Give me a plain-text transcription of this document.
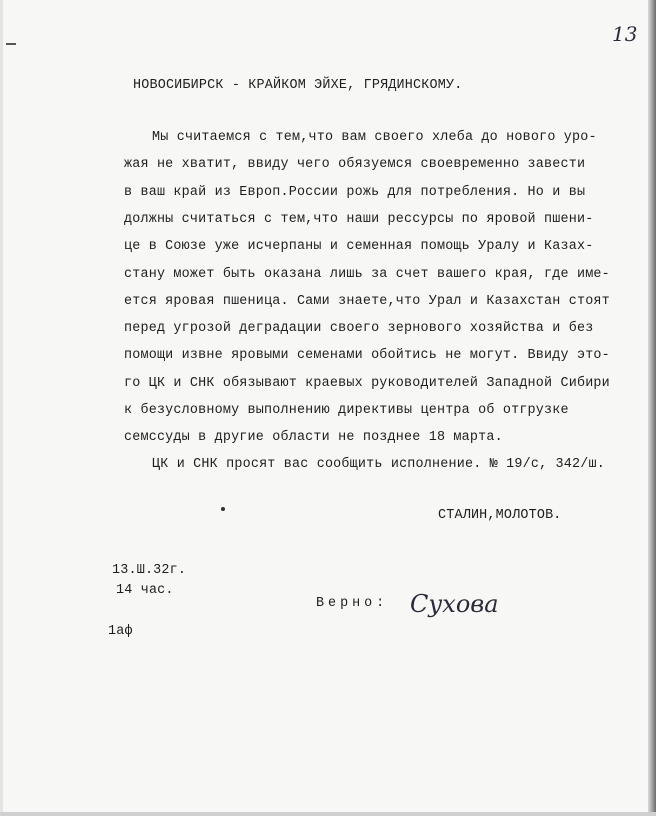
13
НОВОСИБИРСК - КРАЙКОМ ЭЙХЕ, ГРЯДИНСКОМУ.
Мы считаемся с тем,что вам своего хлеба до нового уро-
жая не хватит, ввиду чего обязуемся своевременно завести
в ваш край из Европ.России рожь для потребления. Но и вы
должны считаться с тем,что наши рессурсы по яровой пшени-
це в Союзе уже исчерпаны и семенная помощь Уралу и Казах-
стану может быть оказана лишь за счет вашего края, где име-
ется яровая пшеница. Сами знаете,что Урал и Казахстан стоят
перед угрозой деградации своего зернового хозяйства и без
помощи извне яровыми семенами обойтись не могут. Ввиду это-
го ЦК и СНК обязывают краевых руководителей Западной Сибири
к безусловному выполнению директивы центра об отгрузке
семссуды в другие области не позднее 18 марта.
ЦК и СНК просят вас сообщить исполнение. № 19/с, 342/ш.
СТАЛИН,МОЛОТОВ.
13.Ш.32г.
14 час.
Верно: Сухова
1аф
